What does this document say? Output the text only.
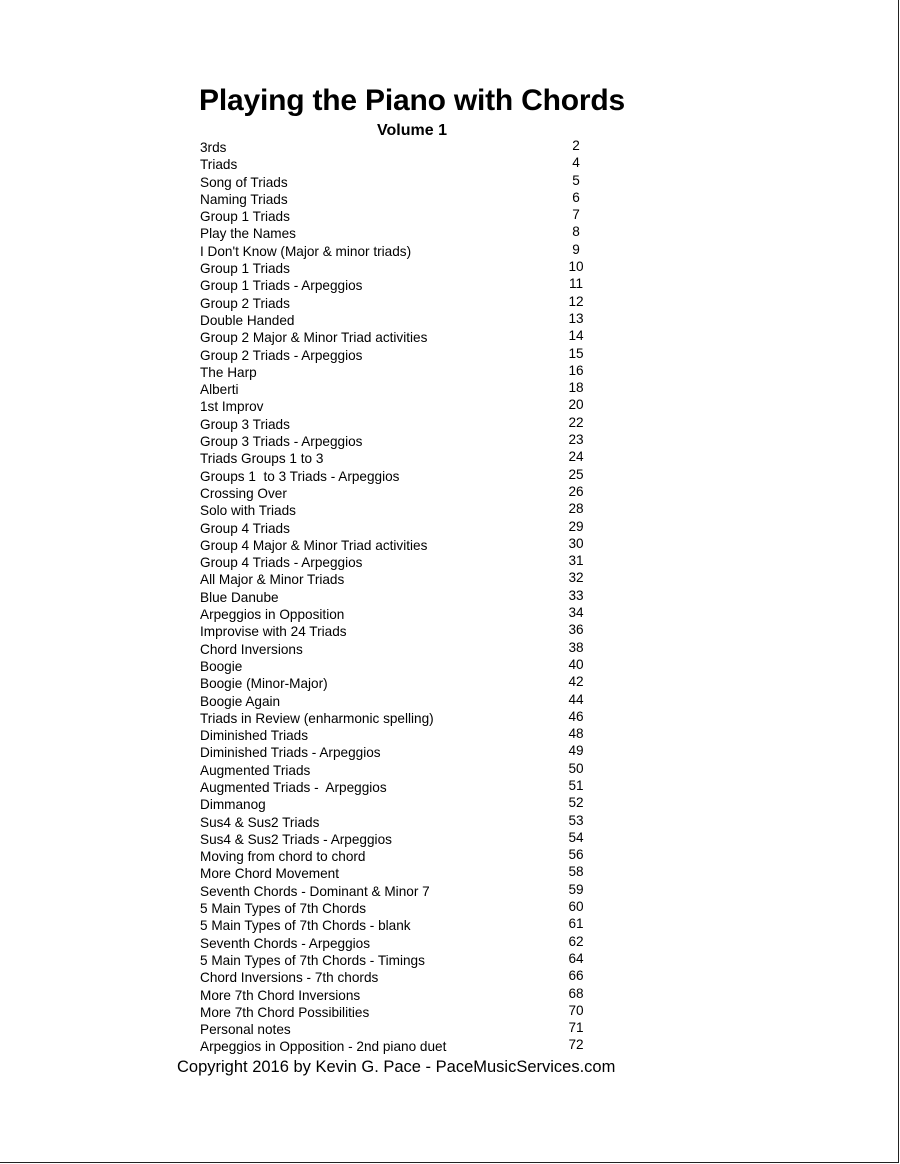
Playing the Piano with Chords
Volume 1
3rds	2
Triads	4
Song of Triads	5
Naming Triads	6
Group 1 Triads	7
Play the Names	8
I Don't Know (Major & minor triads)	9
Group 1 Triads	10
Group 1 Triads - Arpeggios	11
Group 2 Triads	12
Double Handed	13
Group 2 Major & Minor Triad activities	14
Group 2 Triads - Arpeggios	15
The Harp	16
Alberti	18
1st Improv	20
Group 3 Triads	22
Group 3 Triads - Arpeggios	23
Triads Groups 1 to 3	24
Groups 1  to 3 Triads - Arpeggios	25
Crossing Over	26
Solo with Triads	28
Group 4 Triads	29
Group 4 Major & Minor Triad activities	30
Group 4 Triads - Arpeggios	31
All Major & Minor Triads	32
Blue Danube	33
Arpeggios in Opposition	34
Improvise with 24 Triads	36
Chord Inversions	38
Boogie	40
Boogie (Minor-Major)	42
Boogie Again	44
Triads in Review (enharmonic spelling)	46
Diminished Triads	48
Diminished Triads - Arpeggios	49
Augmented Triads	50
Augmented Triads -  Arpeggios	51
Dimmanog	52
Sus4 & Sus2 Triads	53
Sus4 & Sus2 Triads - Arpeggios	54
Moving from chord to chord	56
More Chord Movement	58
Seventh Chords - Dominant & Minor 7	59
5 Main Types of 7th Chords	60
5 Main Types of 7th Chords - blank	61
Seventh Chords - Arpeggios	62
5 Main Types of 7th Chords - Timings	64
Chord Inversions - 7th chords	66
More 7th Chord Inversions	68
More 7th Chord Possibilities	70
Personal notes	71
Arpeggios in Opposition - 2nd piano duet	72

Copyright 2016 by Kevin G. Pace - PaceMusicServices.com
